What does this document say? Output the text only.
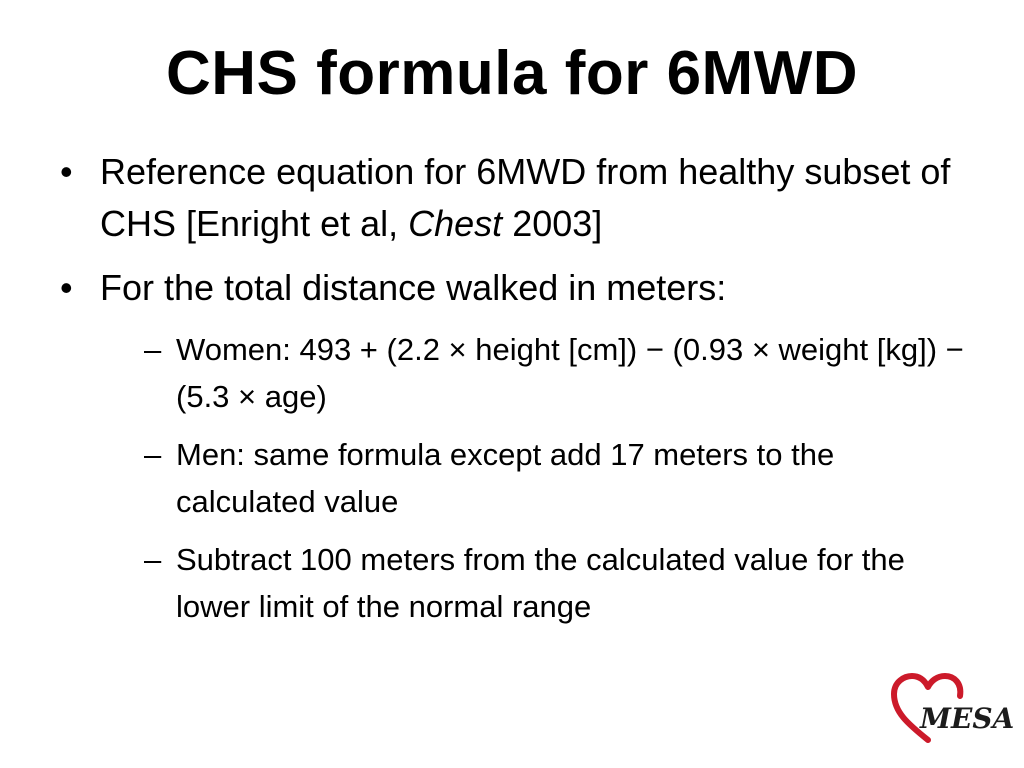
CHS formula for 6MWD
• Reference equation for 6MWD from healthy subset of CHS [Enright et al, Chest 2003]
• For the total distance walked in meters:
– Women: 493 + (2.2 × height [cm]) − (0.93 × weight [kg]) − (5.3 × age)
– Men: same formula except add 17 meters to the calculated value
– Subtract 100 meters from the calculated value for the lower limit of the normal range
MESA
